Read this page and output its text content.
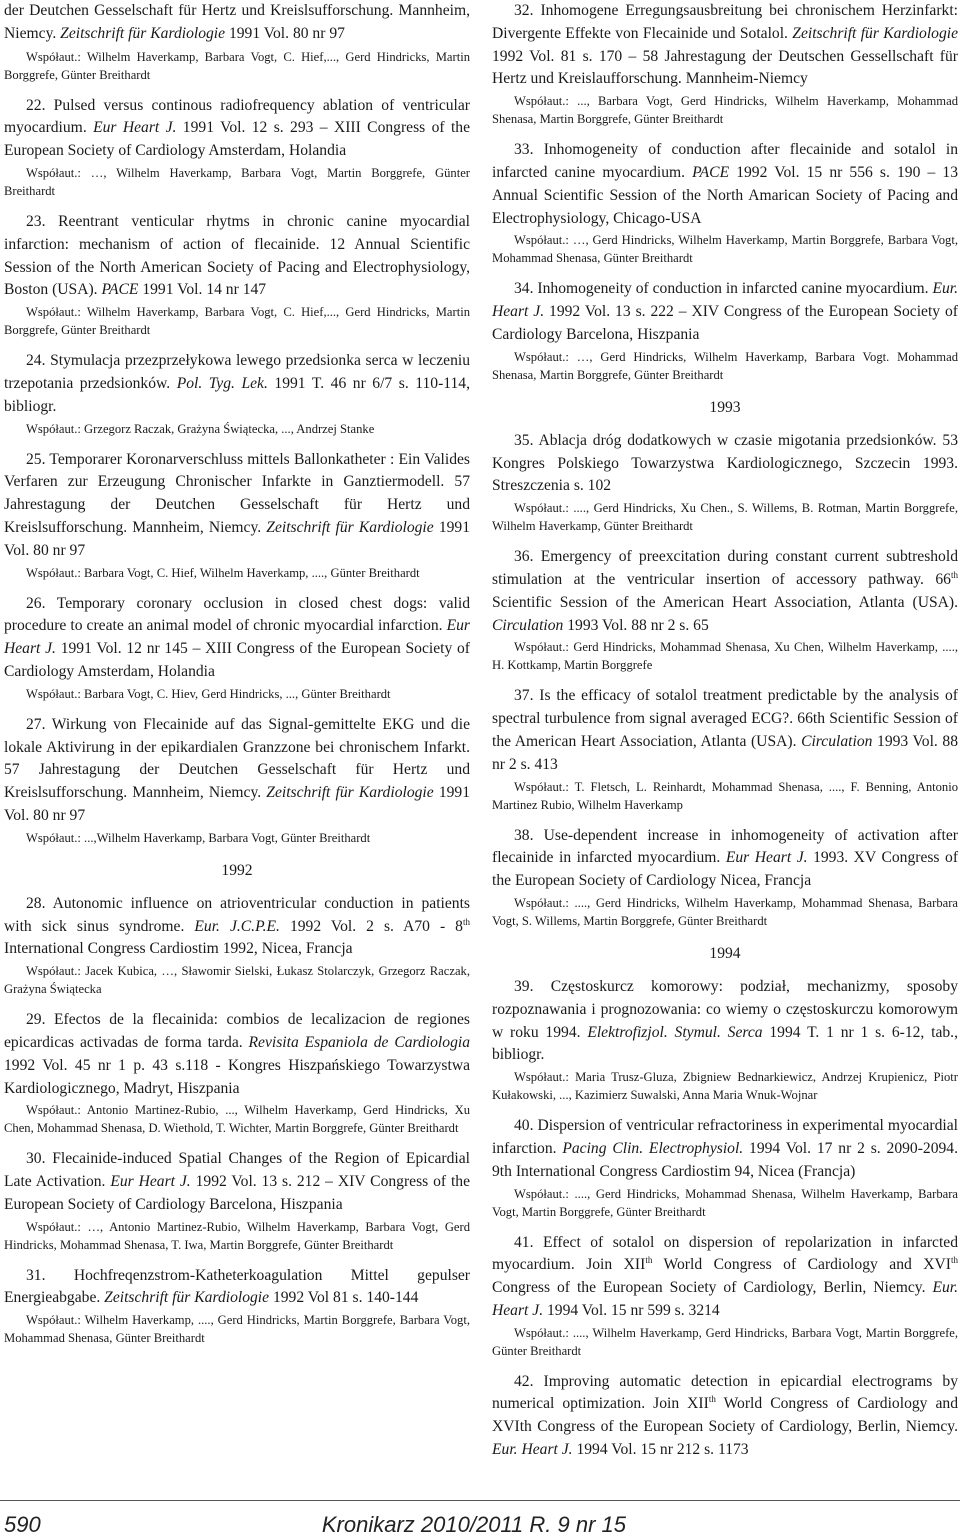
der Deutchen Gesselschaft für Hertz und Kreislsufforschung. Mannheim, Niemcy. Zeitschrift für Kardiologie 1991 Vol. 80 nr 97

Współaut.: Wilhelm Haverkamp, Barbara Vogt, C. Hief,..., Gerd Hindricks, Martin Borggrefe, Günter Breithardt

22. Pulsed versus continous radiofrequency ablation of ventricular myocardium. Eur Heart J. 1991 Vol. 12 s. 293 – XIII Congress of the European Society of Cardiology Amsterdam, Holandia

Współaut.: …, Wilhelm Haverkamp, Barbara Vogt, Martin Borggrefe, Günter Breithardt

23. Reentrant venticular rhytms in chronic canine myocardial infarction: mechanism of action of flecainide. 12 Annual Scientific Session of the North American Society of Pacing and Electrophysiology, Boston (USA). PACE 1991 Vol. 14 nr 147

Współaut.: Wilhelm Haverkamp, Barbara Vogt, C. Hief,..., Gerd Hindricks, Martin Borggrefe, Günter Breithardt

24. Stymulacja przezprzełykowa lewego przedsionka serca w leczeniu trzepotania przedsionków. Pol. Tyg. Lek. 1991 T. 46 nr 6/7 s. 110-114, bibliogr.

Współaut.: Grzegorz Raczak, Grażyna Świątecka, ..., Andrzej Stanke

25. Temporarer Koronarverschluss mittels Ballonkatheter : Ein Valides Verfaren zur Erzeugung Chronischer Infarkte in Ganztiermodell. 57 Jahrestagung der Deutchen Gesselschaft für Hertz und Kreislsufforschung. Mannheim, Niemcy. Zeitschrift für Kardiologie 1991 Vol. 80 nr 97

Współaut.: Barbara Vogt, C. Hief, Wilhelm Haverkamp, ...., Günter Breithardt

26. Temporary coronary occlusion in closed chest dogs: valid procedure to create an animal model of chronic myocardial infarction. Eur Heart J. 1991 Vol. 12 nr 145 – XIII Congress of the European Society of Cardiology Amsterdam, Holandia

Współaut.: Barbara Vogt, C. Hiev, Gerd Hindricks, ..., Günter Breithardt

27. Wirkung von Flecainide auf das Signal-gemittelte EKG und die lokale Aktivirung in der epikardialen Granzzone bei chronischem Infarkt. 57 Jahrestagung der Deutchen Gesselschaft für Hertz und Kreislsufforschung. Mannheim, Niemcy. Zeitschrift für Kardiologie 1991 Vol. 80 nr 97

Współaut.: ...,Wilhelm Haverkamp, Barbara Vogt, Günter Breithardt

1992

28. Autonomic influence on atrioventricular conduction in patients with sick sinus syndrome. Eur. J.C.P.E. 1992 Vol. 2 s. A70 - 8th International Congress Cardiostim 1992, Nicea, Francja

Współaut.: Jacek Kubica, …, Sławomir Sielski, Łukasz Stolarczyk, Grzegorz Raczak, Grażyna Świątecka

29. Efectos de la flecainida: combios de lecalizacion de regiones epicardicas activadas de forma tarda. Revisita Espaniola de Cardiologia 1992 Vol. 45 nr 1 p. 43 s.118 - Kongres Hiszpańskiego Towarzystwa Kardiologicznego, Madryt, Hiszpania

Współaut.: Antonio Martinez-Rubio, ..., Wilhelm Haverkamp, Gerd Hindricks, Xu Chen, Mohammad Shenasa, D. Wiethold, T. Wichter, Martin Borggrefe, Günter Breithardt

30. Flecainide-induced Spatial Changes of the Region of Epicardial Late Activation. Eur Heart J. 1992 Vol. 13 s. 212 – XIV Congress of the European Society of Cardiology Barcelona, Hiszpania

Współaut.: …, Antonio Martinez-Rubio, Wilhelm Haverkamp, Barbara Vogt, Gerd Hindricks, Mohammad Shenasa, T. Iwa, Martin Borggrefe, Günter Breithardt

31. Hochfreqenzstrom-Katheterkoagulation Mittel gepulser Energieabgabe. Zeitschrift für Kardiologie 1992 Vol 81 s. 140-144

Współaut.: Wilhelm Haverkamp, ...., Gerd Hindricks, Martin Borggrefe, Barbara Vogt, Mohammad Shenasa, Günter Breithardt

32. Inhomogene Erregungsausbreitung bei chronischem Herzinfarkt: Divergente Effekte von Flecainide und Sotalol. Zeitschrift für Kardiologie 1992 Vol. 81 s. 170 – 58 Jahrestagung der Deutschen Gessellschaft für Hertz und Kreislaufforschung. Mannheim-Niemcy

Współaut.: ..., Barbara Vogt, Gerd Hindricks, Wilhelm Haverkamp, Mohammad Shenasa, Martin Borggrefe, Günter Breithardt

33. Inhomogeneity of conduction after flecainide and sotalol in infarcted canine myocardium. PACE 1992 Vol. 15 nr 556 s. 190 – 13 Annual Scientific Session of the North Amarican Society of Pacing and Electrophysiology, Chicago-USA

Współaut.: …, Gerd Hindricks, Wilhelm Haverkamp, Martin Borggrefe, Barbara Vogt, Mohammad Shenasa, Günter Breithardt

34. Inhomogeneity of conduction in infarcted canine myocardium. Eur. Heart J. 1992 Vol. 13 s. 222 – XIV Congress of the European Society of Cardiology Barcelona, Hiszpania

Współaut.: …, Gerd Hindricks, Wilhelm Haverkamp, Barbara Vogt. Mohammad Shenasa, Martin Borggrefe, Günter Breithardt

1993

35. Ablacja dróg dodatkowych w czasie migotania przedsionków. 53 Kongres Polskiego Towarzystwa Kardiologicznego, Szczecin 1993. Streszczenia s. 102

Współaut.: ...., Gerd Hindricks, Xu Chen., S. Willems, B. Rotman, Martin Borggrefe, Wilhelm Haverkamp, Günter Breithardt

36. Emergency of preexcitation during constant current subtreshold stimulation at the ventricular insertion of accessory pathway. 66th Scientific Session of the American Heart Association, Atlanta (USA). Circulation 1993 Vol. 88 nr 2 s. 65

Współaut.: Gerd Hindricks, Mohammad Shenasa, Xu Chen, Wilhelm Haverkamp, ...., H. Kottkamp, Martin Borggrefe

37. Is the efficacy of sotalol treatment predictable by the analysis of spectral turbulence from signal averaged ECG?. 66th Scientific Session of the American Heart Association, Atlanta (USA). Circulation 1993 Vol. 88 nr 2 s. 413

Współaut.: T. Fletsch, L. Reinhardt, Mohammad Shenasa, ...., F. Benning, Antonio Martinez Rubio, Wilhelm Haverkamp

38. Use-dependent increase in inhomogeneity of activation after flecainide in infarcted myocardium. Eur Heart J. 1993. XV Congress of the European Society of Cardiology Nicea, Francja

Współaut.: ...., Gerd Hindricks, Wilhelm Haverkamp, Mohammad Shenasa, Barbara Vogt, S. Willems, Martin Borggrefe, Günter Breithardt

1994

39. Częstoskurcz komorowy: podział, mechanizmy, sposoby rozpoznawania i prognozowania: co wiemy o częstoskurczu komorowym w roku 1994. Elektrofizjol. Stymul. Serca 1994 T. 1 nr 1 s. 6-12, tab., bibliogr.

Współaut.: Maria Trusz-Gluza, Zbigniew Bednarkiewicz, Andrzej Krupienicz, Piotr Kułakowski, ..., Kazimierz Suwalski, Anna Maria Wnuk-Wojnar

40. Dispersion of ventricular refractoriness in experimental myocardial infarction. Pacing Clin. Electrophysiol. 1994 Vol. 17 nr 2 s. 2090-2094. 9th International Congress Cardiostim 94, Nicea (Francja)

Współaut.: ...., Gerd Hindricks, Mohammad Shenasa, Wilhelm Haverkamp, Barbara Vogt, Martin Borggrefe, Günter Breithardt

41. Effect of sotalol on dispersion of repolarization in infarcted myocardium. Join XIIth World Congress of Cardiology and XVIth Congress of the European Society of Cardiology, Berlin, Niemcy. Eur. Heart J. 1994 Vol. 15 nr 599 s. 3214

Współaut.: ...., Wilhelm Haverkamp, Gerd Hindricks, Barbara Vogt, Martin Borggrefe, Günter Breithardt

42. Improving automatic detection in epicardial electrograms by numerical optimization. Join XIIth World Congress of Cardiology and XVIth Congress of the European Society of Cardiology, Berlin, Niemcy. Eur. Heart J. 1994 Vol. 15 nr 212 s. 1173

590	Kronikarz 2010/2011 R. 9 nr 15
